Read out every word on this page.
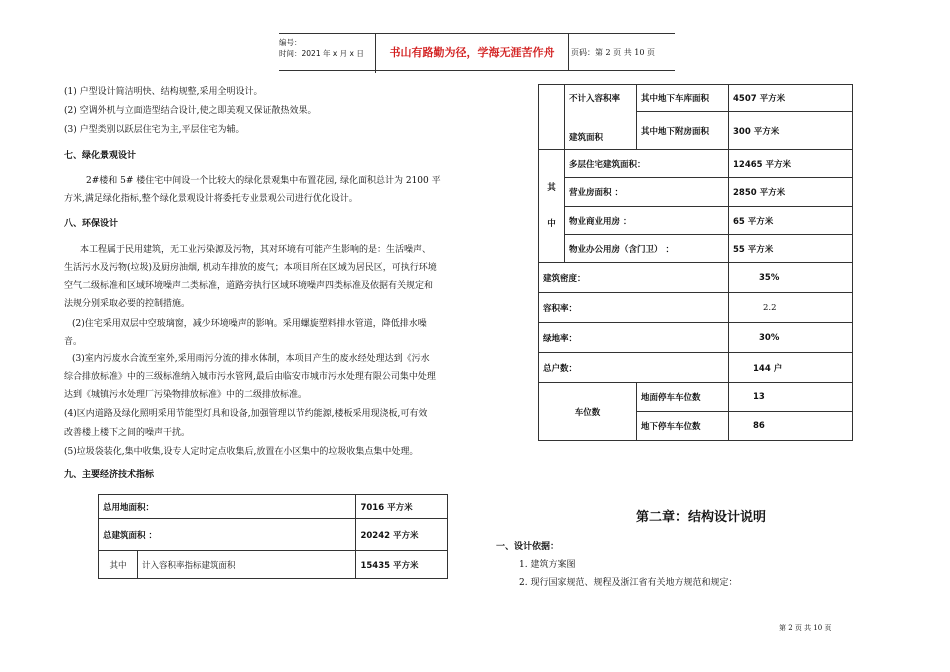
编号：
时间：2021 年 x 月 x 日	书山有路勤为径，学海无涯苦作舟	页码：第 2 页 共 10 页
(1) 户型设计简洁明快、结构规整,采用全明设计。
(2) 空调外机与立面造型结合设计,使之即美观又保证散热效果。
(3) 户型类别以跃层住宅为主,平层住宅为辅。
七、绿化景观设计
2#楼和 5# 楼住宅中间设一个比较大的绿化景观集中布置花园, 绿化面积总计为 2100 平
方米,满足绿化指标,整个绿化景观设计将委托专业景观公司进行优化设计。
八、环保设计
本工程属于民用建筑，无工业污染源及污物，其对环境有可能产生影响的是：生活噪声、
生活污水及污物(垃圾)及厨房油烟, 机动车排放的废气；本项目所在区域为居民区，可执行环境
空气二级标准和区域环境噪声二类标准，道路旁执行区域环境噪声四类标准及依据有关规定和
法规分别采取必要的控制措施。
(2)住宅采用双层中空玻璃窗，减少环境噪声的影响。采用螺旋塑料排水管道，降低排水噪
音。
(3)室内污废水合流至室外,采用雨污分流的排水体制，本项目产生的废水经处理达到《污水
综合排放标准》中的三级标准纳入城市污水管网,最后由临安市城市污水处理有限公司集中处理
达到《城镇污水处理厂污染物排放标准》中的二级排放标准。
(4)区内道路及绿化照明采用节能型灯具和设备,加强管理以节约能源,楼板采用现浇板,可有效
改善楼上楼下之间的噪声干扰。
(5)垃圾袋装化,集中收集,设专人定时定点收集后,放置在小区集中的垃圾收集点集中处理。
九、主要经济技术指标
总用地面积：		7016 平方米
总建筑面积 ：		20242 平方米
其中	计入容积率指标建筑面积	15435 平方米
	不计入容积率	其中地下车库面积	4507 平方米
	建筑面积	其中地下附房面积	300 平方米

其
中	多层住宅建筑面积：		12465 平方米
	营业房面积 ：		2850 平方米
	物业商业用房 ：		65 平方米
	物业办公用房（含门卫） ：		55 平方米
建筑密度：			35%
容积率：			2.2
绿地率：			30%
总户数：			144 户
车位数		地面停车车位数	13
		地下停车车位数	86
第二章：结构设计说明
一、设计依据：
1. 建筑方案图
2. 现行国家规范、规程及浙江省有关地方规范和规定：
第 2 页 共 10 页
